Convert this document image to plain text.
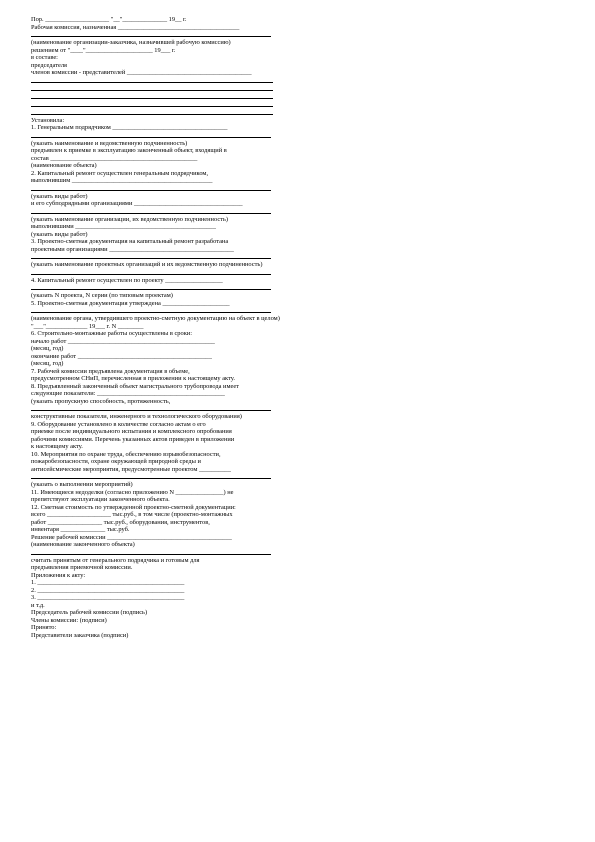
Пор. ____________________ "__"______________ 19__ г.
Рабочая комиссия, назначенная ______________________________________
(наименование организации-заказчика, назначившей рабочую комиссию)
решением от "____"_____________________ 19___ г.
в составе:
председателя
членов комиссии - представителей _______________________________________
Установила:
1. Генеральным подрядчиком ____________________________________
(указать наименование и ведомственную подчиненность)
предъявлен к приемке в эксплуатацию законченный объект, входящий в
состав ______________________________________________
(наименование объекта)
2. Капитальный ремонт осуществлен генеральным подрядчиком,
выполнившим ____________________________________________
(указать виды работ)
и его субподрядными организациями __________________________________
(указать наименование организации, их ведомственную подчиненность)
выполнившими ____________________________________________
(указать виды работ)
3. Проектно-сметная документация на капитальный ремонт разработана
проектными организациями _______________________________________
(указать наименование проектных организаций и их ведомственную подчиненность)
4. Капитальный ремонт осуществлен по проекту __________________
(указать N проекта, N серии (по типовым проектам)
5. Проектно-сметная документация утверждена _____________________
(наименование органа, утвердившего проектно-сметную документацию на объект в целом)
"___"_____________ 19___ г. N ________
6. Строительно-монтажные работы осуществлены в сроки:
начало работ ______________________________________________
(месяц, год)
окончание работ __________________________________________
(месяц, год)
7. Рабочей комиссии предъявлена документация в объеме,
предусмотренном СНиП, перечисленная в приложении к настоящему акту.
8. Предъявленный законченный объект магистрального трубопровода имеет
следующие показатели: ________________________________________
(указать пропускную способность, протяженность,
конструктивные показатели, инженерного и технологического оборудования)
9. Оборудование установлено в количестве согласно актам о его
приемке после индивидуального испытания и комплексного опробования
рабочими комиссиями. Перечень указанных актов приведен в приложении
к настоящему акту.
10. Мероприятия по охране труда, обеспечению взрывобезопасности,
пожаробезопасности, охране окружающей природной среды и
антисейсмические мероприятия, предусмотренные проектом __________
(указать о выполнении мероприятий)
11. Имеющиеся недоделки (согласно приложению N _______________) не
препятствуют эксплуатации законченного объекта.
12. Сметная стоимость по утвержденной проектно-сметной документации:
всего ____________________ тыс.руб., в том числе (проектно-монтажных
работ _________________ тыс.руб., оборудования, инструментов,
инвентаря ______________ тыс.руб.
Решение рабочей комиссии _______________________________________
(наименование законченного объекта)
считать принятым от генерального подрядчика и готовым для
предъявления приемочной комиссии.
Приложения к акту:
1. ______________________________________________
2. ______________________________________________
3. ______________________________________________
и т.д.
Председатель рабочей комиссии (подпись)
Члены комиссии: (подписи)
Принято:
Представители заказчика (подписи)
